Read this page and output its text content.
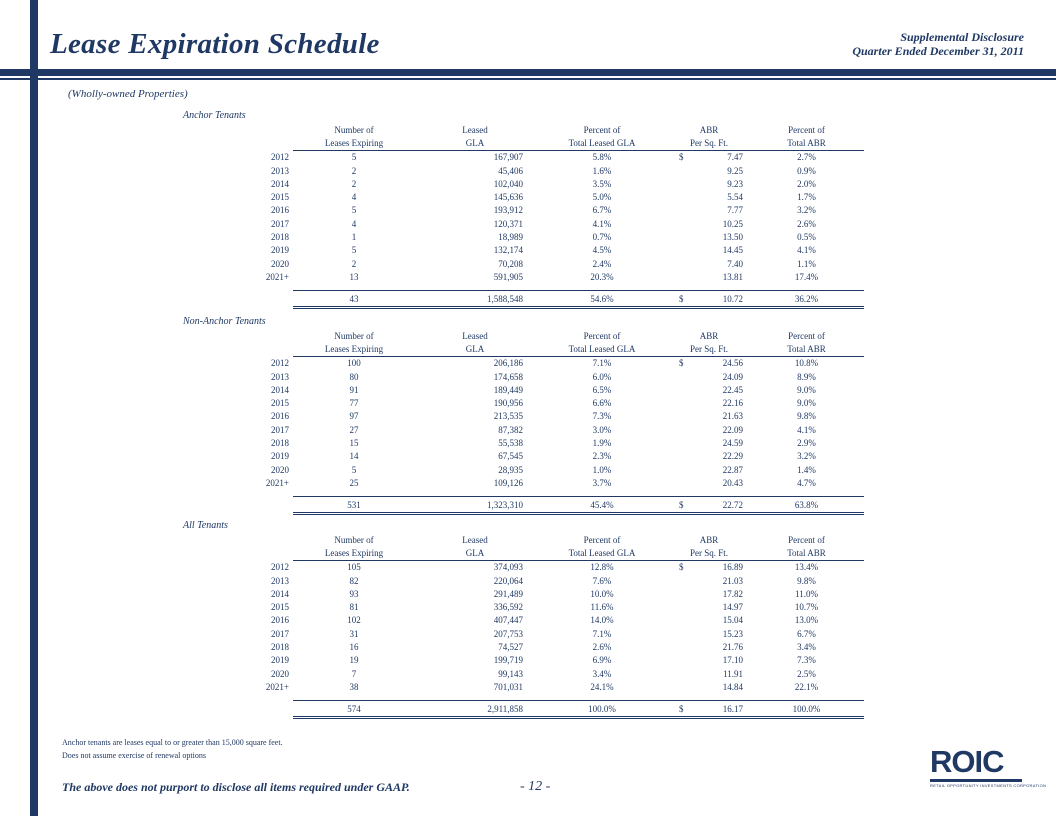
Lease Expiration Schedule	Supplemental Disclosure
Quarter Ended December 31, 2011
(Wholly-owned Properties)
Anchor Tenants
	Number of	Leased	Percent of	ABR	Percent of
	Leases Expiring	GLA	Total Leased GLA	Per Sq. Ft.	Total ABR
2012	5	167,907	5.8%	$ 7.47	2.7%
2013	2	45,406	1.6%	9.25	0.9%
2014	2	102,040	3.5%	9.23	2.0%
2015	4	145,636	5.0%	5.54	1.7%
2016	5	193,912	6.7%	7.77	3.2%
2017	4	120,371	4.1%	10.25	2.6%
2018	1	18,989	0.7%	13.50	0.5%
2019	5	132,174	4.5%	14.45	4.1%
2020	2	70,208	2.4%	7.40	1.1%
2021+	13	591,905	20.3%	13.81	17.4%

	43	1,588,548	54.6%	$ 10.72	36.2%
Non-Anchor Tenants
	Number of	Leased	Percent of	ABR	Percent of
	Leases Expiring	GLA	Total Leased GLA	Per Sq. Ft.	Total ABR
2012	100	206,186	7.1%	$ 24.56	10.8%
2013	80	174,658	6.0%	24.09	8.9%
2014	91	189,449	6.5%	22.45	9.0%
2015	77	190,956	6.6%	22.16	9.0%
2016	97	213,535	7.3%	21.63	9.8%
2017	27	87,382	3.0%	22.09	4.1%
2018	15	55,538	1.9%	24.59	2.9%
2019	14	67,545	2.3%	22.29	3.2%
2020	5	28,935	1.0%	22.87	1.4%
2021+	25	109,126	3.7%	20.43	4.7%

	531	1,323,310	45.4%	$ 22.72	63.8%
All Tenants
	Number of	Leased	Percent of	ABR	Percent of
	Leases Expiring	GLA	Total Leased GLA	Per Sq. Ft.	Total ABR
2012	105	374,093	12.8%	$ 16.89	13.4%
2013	82	220,064	7.6%	21.03	9.8%
2014	93	291,489	10.0%	17.82	11.0%
2015	81	336,592	11.6%	14.97	10.7%
2016	102	407,447	14.0%	15.04	13.0%
2017	31	207,753	7.1%	15.23	6.7%
2018	16	74,527	2.6%	21.76	3.4%
2019	19	199,719	6.9%	17.10	7.3%
2020	7	99,143	3.4%	11.91	2.5%
2021+	38	701,031	24.1%	14.84	22.1%

	574	2,911,858	100.0%	$ 16.17	100.0%
Anchor tenants are leases equal to or greater than 15,000 square feet.
Does not assume exercise of renewal options
The above does not purport to disclose all items required under GAAP.	- 12 -
ROIC
RETAIL OPPORTUNITY INVESTMENTS CORPORATION
